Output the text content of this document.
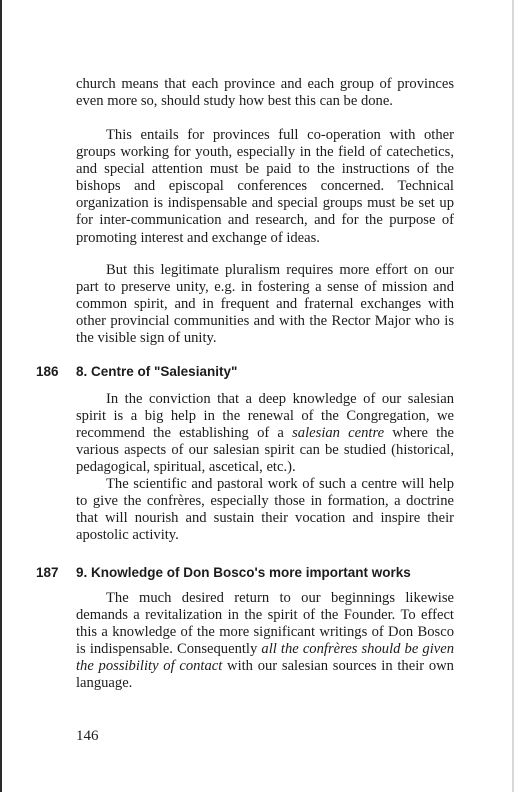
church means that each province and each group of provinces even more so, should study how best this can be done.

This entails for provinces full co-operation with other groups working for youth, especially in the field of catechetics, and special attention must be paid to the instructions of the bishops and episcopal conferences concerned. Technical organization is indispensable and special groups must be set up for inter-communication and research, and for the purpose of promoting interest and exchange of ideas.

But this legitimate pluralism requires more effort on our part to preserve unity, e.g. in fostering a sense of mission and common spirit, and in frequent and fraternal exchanges with other provincial communities and with the Rector Major who is the visible sign of unity.

186 8. Centre of "Salesianity"

In the conviction that a deep knowledge of our salesian spirit is a big help in the renewal of the Congregation, we recommend the establishing of a salesian centre where the various aspects of our salesian spirit can be studied (historical, pedagogical, spiritual, ascetical, etc.).

The scientific and pastoral work of such a centre will help to give the confrères, especially those in formation, a doctrine that will nourish and sustain their vocation and inspire their apostolic activity.

187 9. Knowledge of Don Bosco's more important works

The much desired return to our beginnings likewise demands a revitalization in the spirit of the Founder. To effect this a knowledge of the more significant writings of Don Bosco is indispensable. Consequently all the confrères should be given the possibility of contact with our salesian sources in their own language.

146
